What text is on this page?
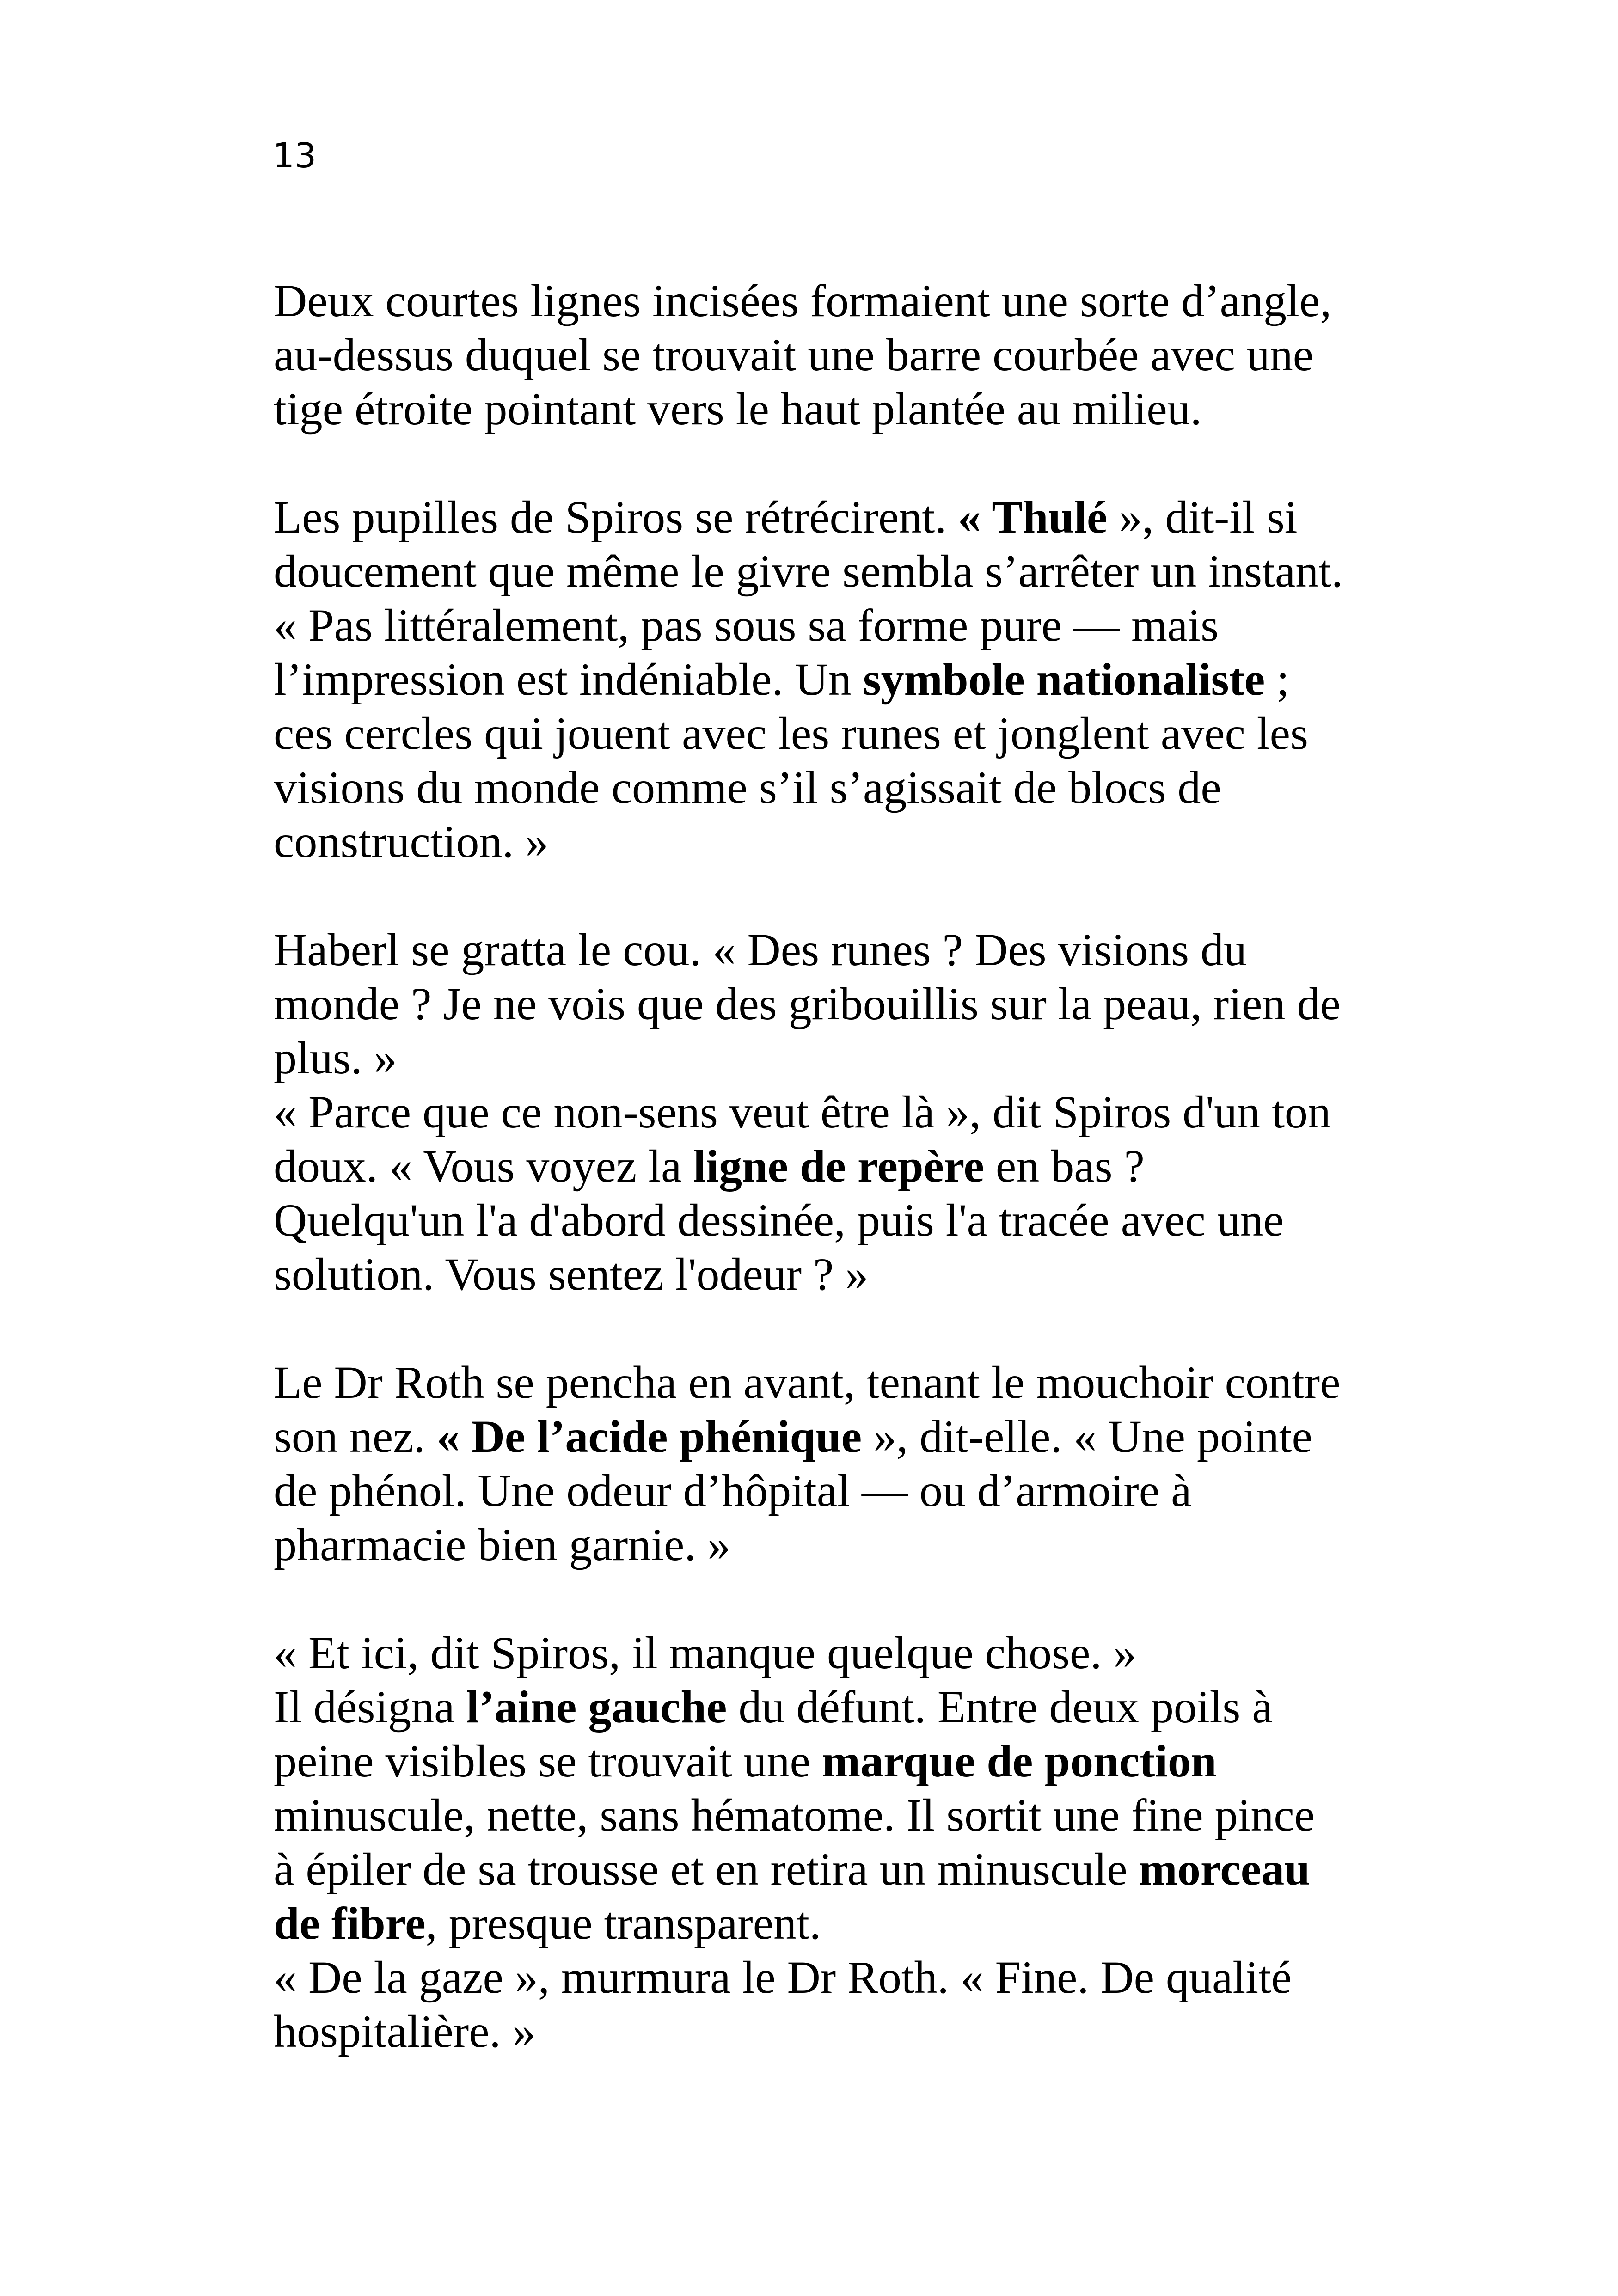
13
Deux courtes lignes incisées formaient une sorte d’angle,
au-dessus duquel se trouvait une barre courbée avec une
tige étroite pointant vers le haut plantée au milieu.
Les pupilles de Spiros se rétrécirent. « Thulé », dit-il si
doucement que même le givre sembla s’arrêter un instant.
« Pas littéralement, pas sous sa forme pure — mais
l’impression est indéniable. Un symbole nationaliste ;
ces cercles qui jouent avec les runes et jonglent avec les
visions du monde comme s’il s’agissait de blocs de
construction. »
Haberl se gratta le cou. « Des runes ? Des visions du
monde ? Je ne vois que des gribouillis sur la peau, rien de
plus. »
« Parce que ce non-sens veut être là », dit Spiros d'un ton
doux. « Vous voyez la ligne de repère en bas ?
Quelqu'un l'a d'abord dessinée, puis l'a tracée avec une
solution. Vous sentez l'odeur ? »
Le Dr Roth se pencha en avant, tenant le mouchoir contre
son nez. « De l’acide phénique », dit-elle. « Une pointe
de phénol. Une odeur d’hôpital — ou d’armoire à
pharmacie bien garnie. »
« Et ici, dit Spiros, il manque quelque chose. »
Il désigna l’aine gauche du défunt. Entre deux poils à
peine visibles se trouvait une marque de ponction
minuscule, nette, sans hématome. Il sortit une fine pince
à épiler de sa trousse et en retira un minuscule morceau
de fibre, presque transparent.
« De la gaze », murmura le Dr Roth. « Fine. De qualité
hospitalière. »
